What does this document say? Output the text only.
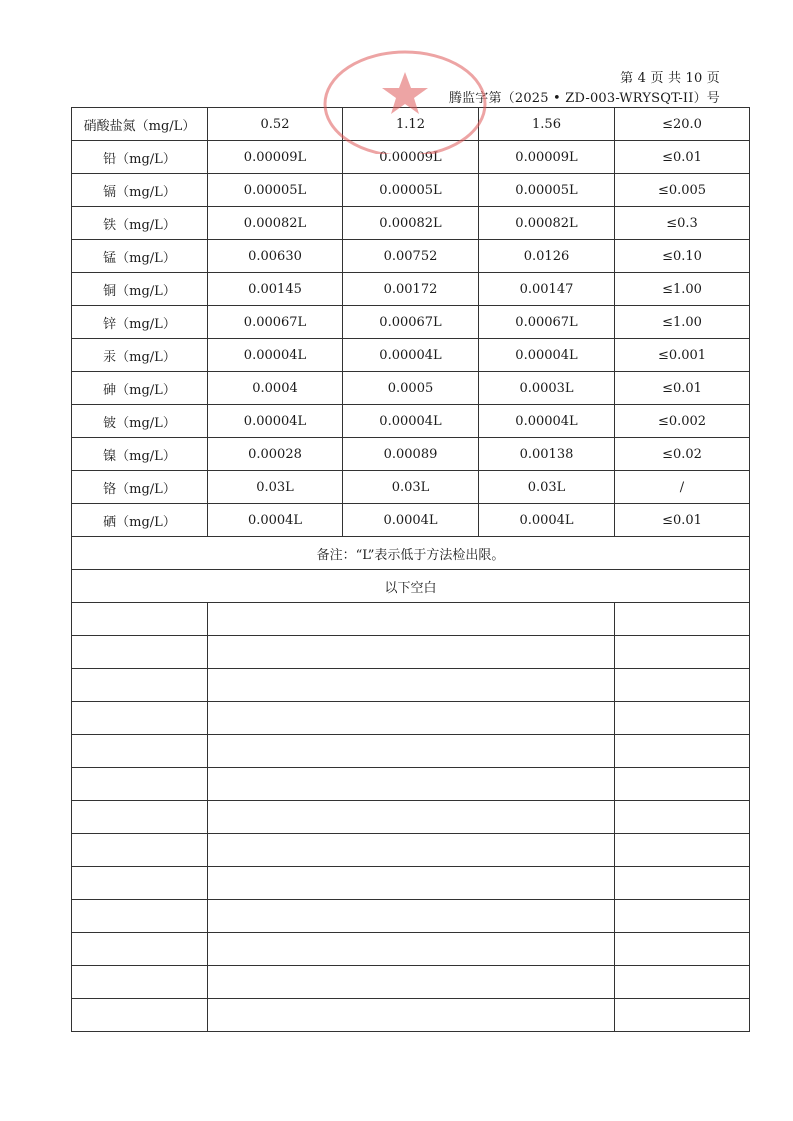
第 4 页 共 10 页
腾监字第（2025 • ZD-003-WRYSQT-II）号
硝酸盐氮（mg/L）	0.52	1.12	1.56	≤20.0
铅（mg/L）	0.00009L	0.00009L	0.00009L	≤0.01
镉（mg/L）	0.00005L	0.00005L	0.00005L	≤0.005
铁（mg/L）	0.00082L	0.00082L	0.00082L	≤0.3
锰（mg/L）	0.00630	0.00752	0.0126	≤0.10
铜（mg/L）	0.00145	0.00172	0.00147	≤1.00
锌（mg/L）	0.00067L	0.00067L	0.00067L	≤1.00
汞（mg/L）	0.00004L	0.00004L	0.00004L	≤0.001
砷（mg/L）	0.0004	0.0005	0.0003L	≤0.01
铍（mg/L）	0.00004L	0.00004L	0.00004L	≤0.002
镍（mg/L）	0.00028	0.00089	0.00138	≤0.02
铬（mg/L）	0.03L	0.03L	0.03L	/
硒（mg/L）	0.0004L	0.0004L	0.0004L	≤0.01
备注：“L”表示低于方法检出限。				
以下空白				
